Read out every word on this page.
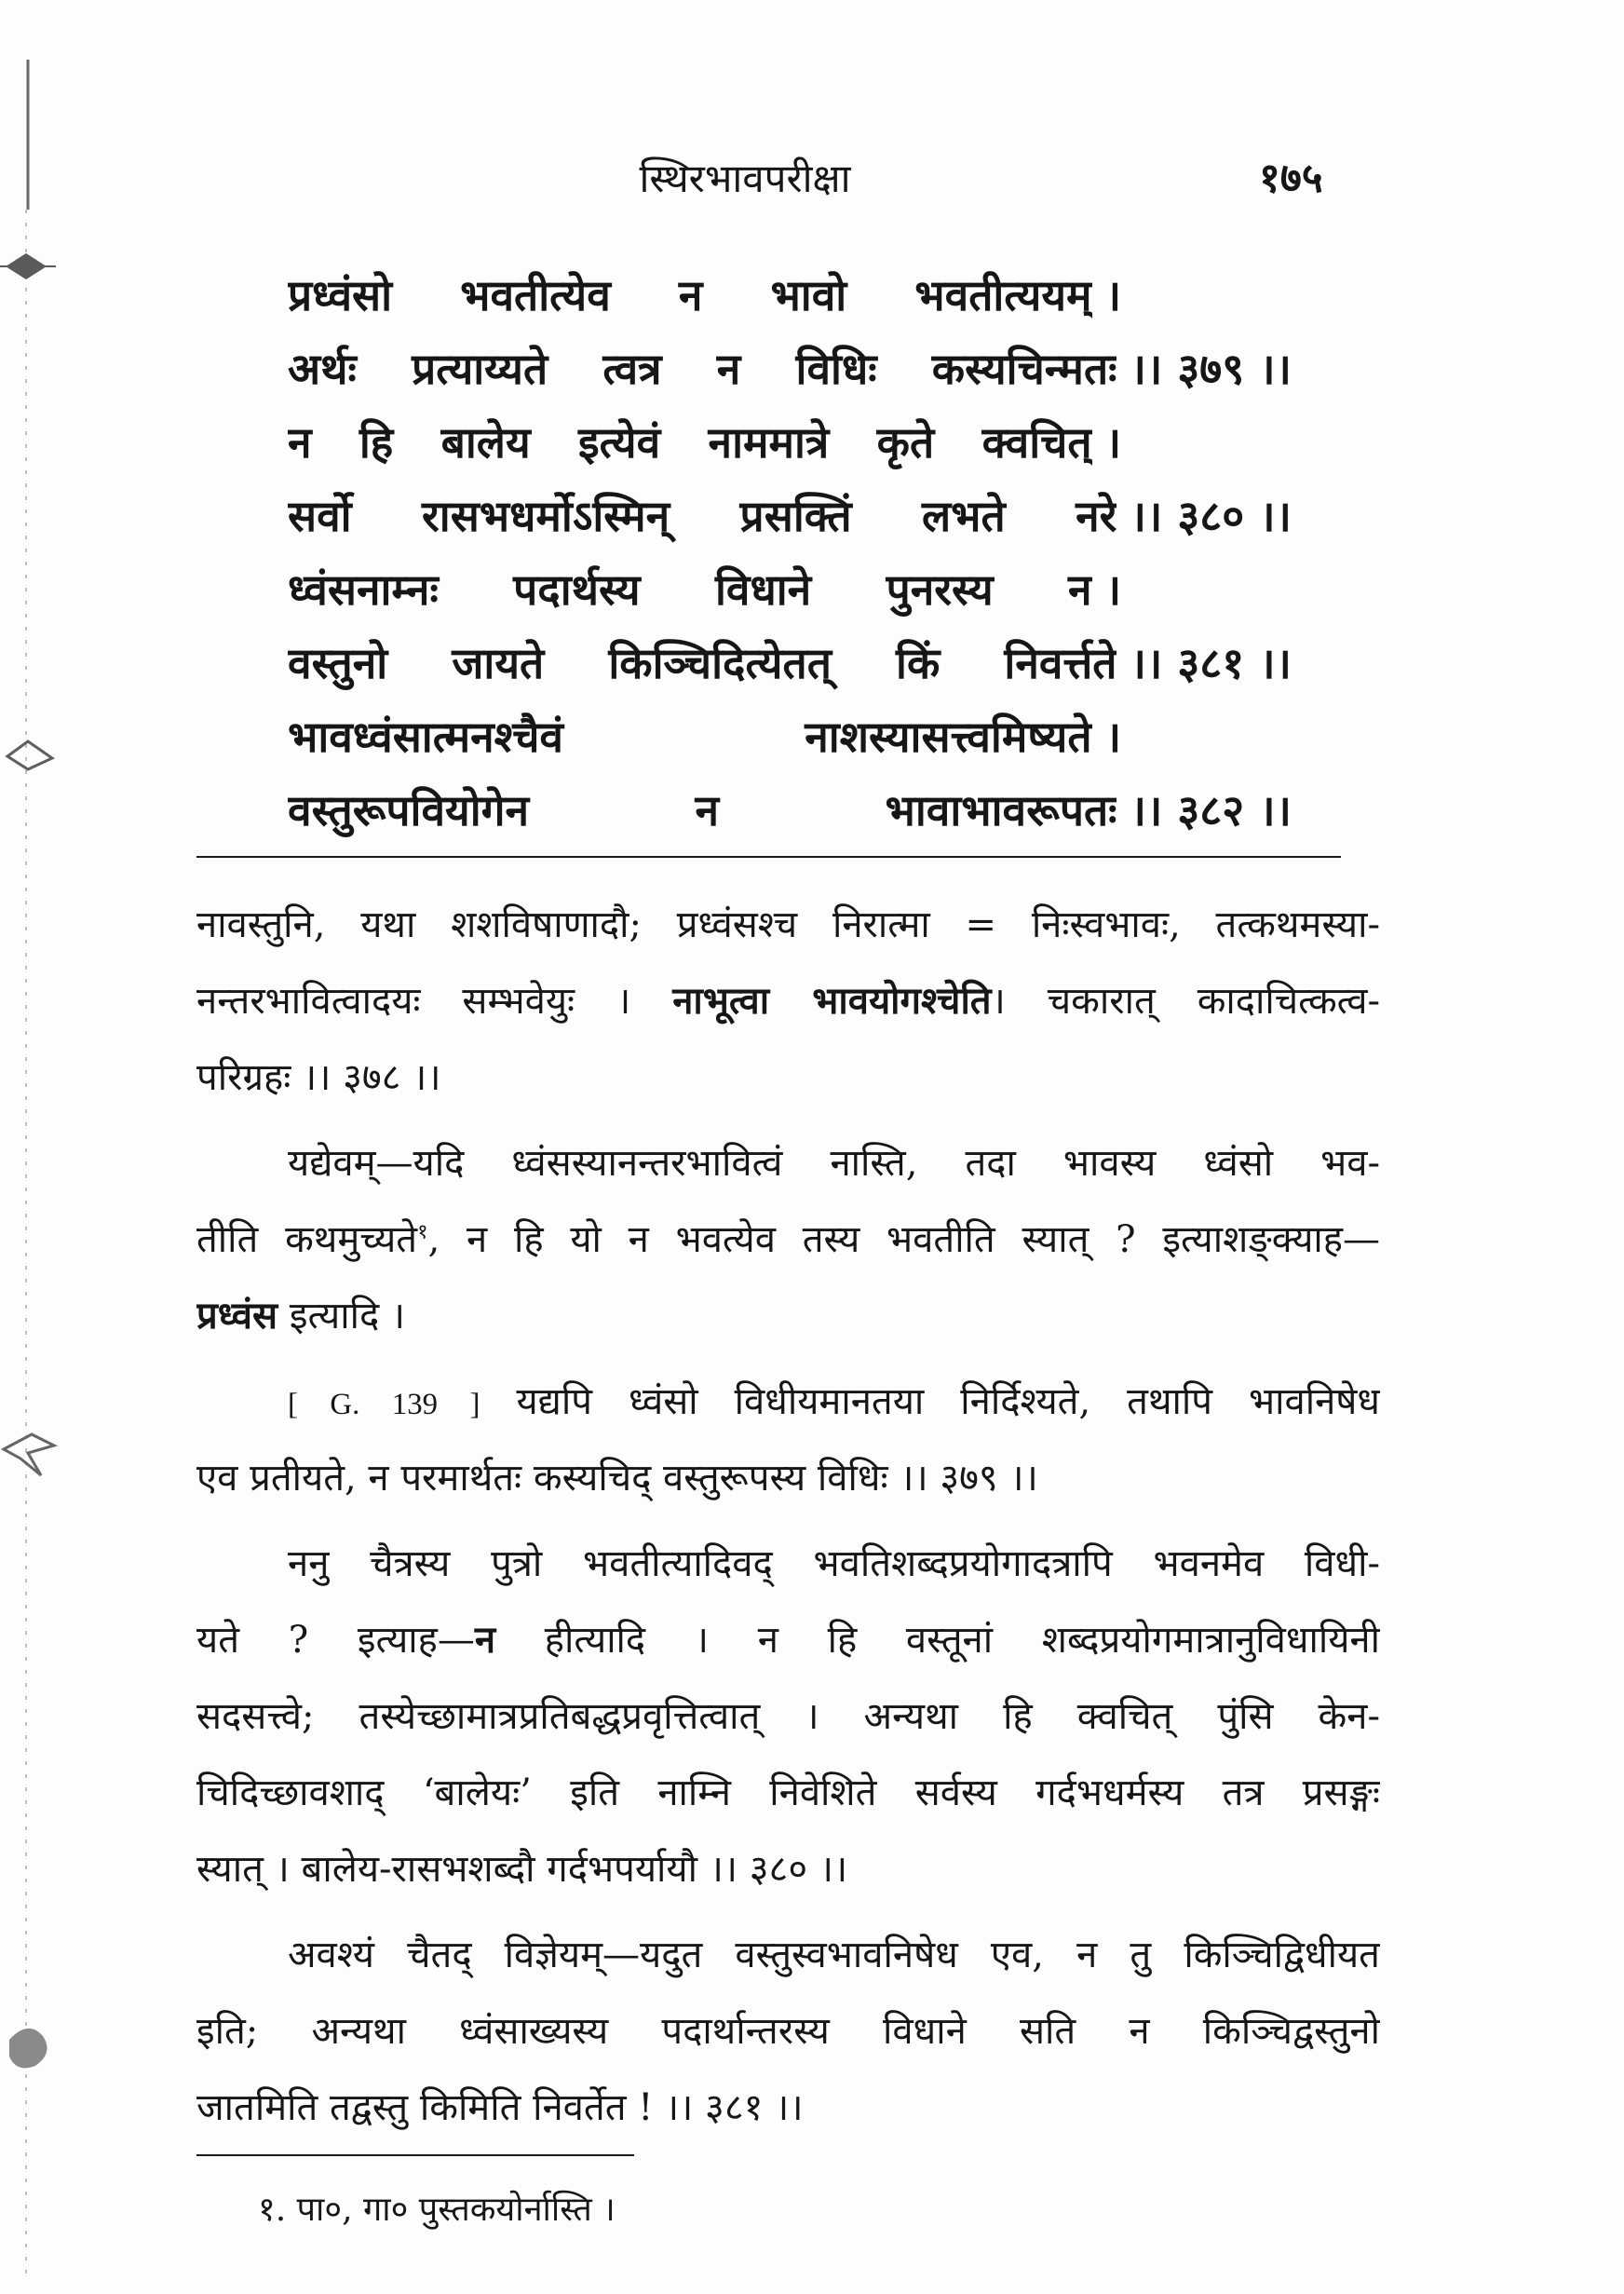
स्थिरभावपरीक्षा	१७५
प्रध्वंसो भवतीत्येव न भावो भवतीत्ययम् ।
अर्थः प्रत्याय्यते त्वत्र न विधिः कस्यचिन्मतः ।। ३७९ ।।
न हि बालेय इत्येवं नाममात्रे कृते क्वचित् ।
सर्वो रासभधर्मोऽस्मिन् प्रसक्तिं लभते नरे ।। ३८० ।।
ध्वंसनाम्नः पदार्थस्य विधाने पुनरस्य न ।
वस्तुनो जायते किञ्चिदित्येतत् किं निवर्त्तते ।। ३८१ ।।
भावध्वंसात्मनश्चैवं नाशस्यासत्त्वमिष्यते ।
वस्तुरूपवियोगेन न भावाभावरूपतः ।। ३८२ ।।
नावस्तुनि, यथा शशविषाणादौ; प्रध्वंसश्च निरात्मा = निःस्वभावः, तत्कथमस्या-
नन्तरभावित्वादयः सम्भवेयुः । नाभूत्वा भावयोगश्चेति। चकारात् कादाचित्कत्व-
परिग्रहः ।। ३७८ ।।
यद्येवम्—यदि ध्वंसस्यानन्तरभावित्वं नास्ति, तदा भावस्य ध्वंसो भव-
तीति कथमुच्यते$^१$, न हि यो न भवत्येव तस्य भवतीति स्यात् ? इत्याशङ्क्याह—
प्रध्वंस इत्यादि ।
[ G. 139 ] यद्यपि ध्वंसो विधीयमानतया निर्दिश्यते, तथापि भावनिषेध
एव प्रतीयते, न परमार्थतः कस्यचिद् वस्तुरूपस्य विधिः ।। ३७९ ।।
ननु चैत्रस्य पुत्रो भवतीत्यादिवद् भवतिशब्दप्रयोगादत्रापि भवनमेव विधी-
यते ? इत्याह—न हीत्यादि । न हि वस्तूनां शब्दप्रयोगमात्रानुविधायिनी
सदसत्त्वे; तस्येच्छामात्रप्रतिबद्धप्रवृत्तित्वात् । अन्यथा हि क्वचित् पुंसि केन-
चिदिच्छावशाद् ‘बालेयः’ इति नाम्नि निवेशिते सर्वस्य गर्दभधर्मस्य तत्र प्रसङ्गः
स्यात् । बालेय-रासभशब्दौ गर्दभपर्यायौ ।। ३८० ।।
अवश्यं चैतद् विज्ञेयम्—यदुत वस्तुस्वभावनिषेध एव, न तु किञ्चिद्विधीयत
इति; अन्यथा ध्वंसाख्यस्य पदार्थान्तरस्य विधाने सति न किञ्चिद्वस्तुनो
जातमिति तद्वस्तु किमिति निवर्तेत ! ।। ३८१ ।।
१. पा०, गा० पुस्तकयोर्नास्ति ।
